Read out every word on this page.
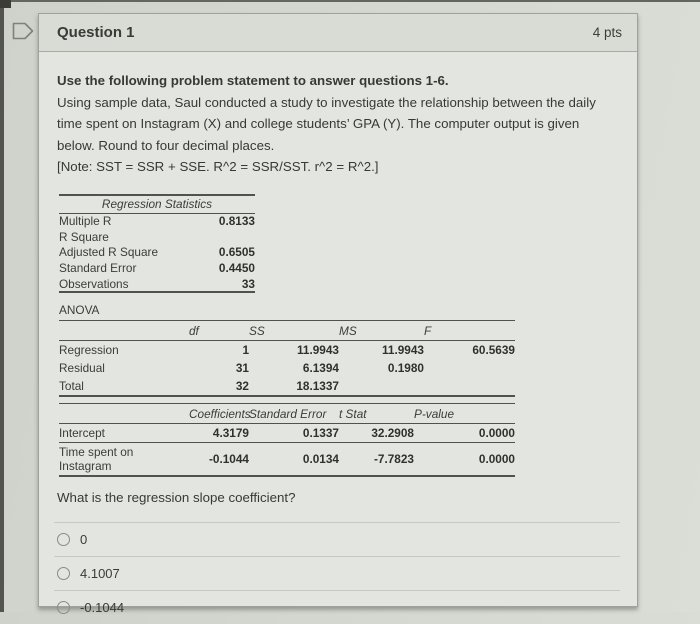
Question 1	4 pts

Use the following problem statement to answer questions 1-6.

Using sample data, Saul conducted a study to investigate the relationship between the daily time spent on Instagram (X) and college students’ GPA (Y). The computer output is given below. Round to four decimal places.

[Note: SST = SSR + SSE. R^2 = SSR/SST. r^2 = R^2.]

Regression Statistics
Multiple R	0.8133
R Square
Adjusted R Square	0.6505
Standard Error	0.4450
Observations	33
ANOVA
	df	SS	MS	F
Regression	1	11.9943	11.9943	60.5639
Residual	31	6.1394	0.1980	
Total	32	18.1337		
	Coefficients	Standard Error	t Stat	P-value
Intercept	4.3179	0.1337	32.2908	0.0000
Time spent on Instagram	-0.1044	0.0134	-7.7823	0.0000

What is the regression slope coefficient?

0
4.1007
-0.1044
